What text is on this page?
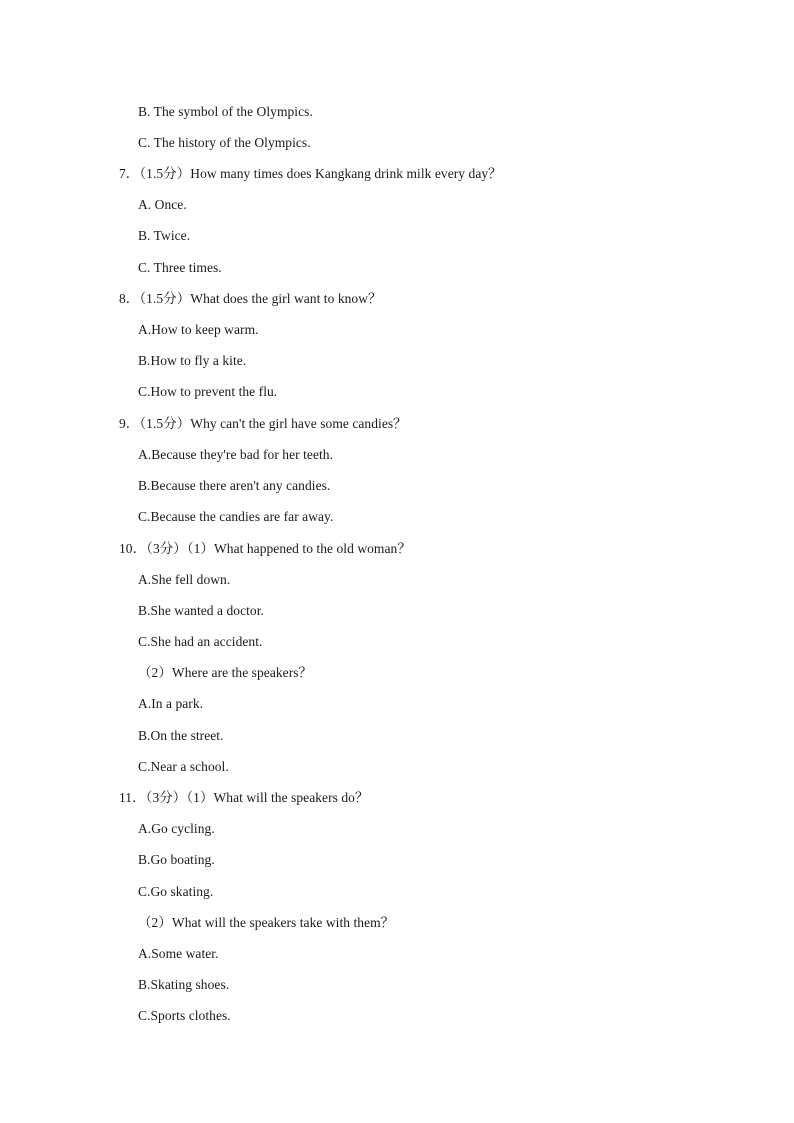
B. The symbol of the Olympics.
C. The history of the Olympics.
7．（1.5分）How many times does Kangkang drink milk every day？
A. Once.
B. Twice.
C. Three times.
8．（1.5分）What does the girl want to know？
A.How to keep warm.
B.How to fly a kite.
C.How to prevent the flu.
9．（1.5分）Why can't the girl have some candies？
A.Because they're bad for her teeth.
B.Because there aren't any candies.
C.Because the candies are far away.
10．（3分）（1）What happened to the old woman？
A.She fell down.
B.She wanted a doctor.
C.She had an accident.
（2）Where are the speakers？
A.In a park.
B.On the street.
C.Near a school.
11．（3分）（1）What will the speakers do？
A.Go cycling.
B.Go boating.
C.Go skating.
（2）What will the speakers take with them？
A.Some water.
B.Skating shoes.
C.Sports clothes.
